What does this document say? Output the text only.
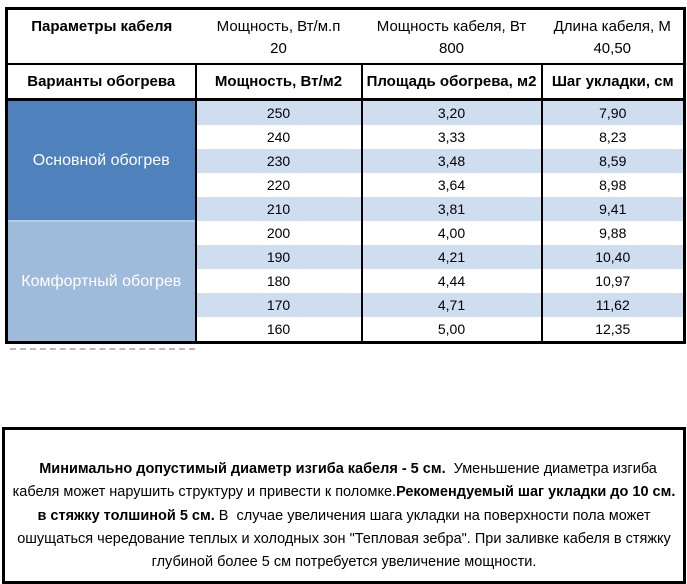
Параметры кабеля	Мощность, Вт/м.п	Мощность кабеля, Вт	Длина кабеля, М
	20	800	40,50
Варианты обогрева	Мощность, Вт/м2	Площадь обогрева, м2	Шаг укладки, см
Основной обогрев	250	3,20	7,90
	240	3,33	8,23
	230	3,48	8,59
	220	3,64	8,98
	210	3,81	9,41
Комфортный обогрев	200	4,00	9,88
	190	4,21	10,40
	180	4,44	10,97
	170	4,71	11,62
	160	5,00	12,35

Минимально допустимый диаметр изгиба кабеля - 5 см.  Уменьшение диаметра изгиба кабеля может нарушить структуру и привести к поломке.Рекомендуемый шаг укладки до 10 см. в стяжку толшиной 5 см. В  случае увеличения шага укладки на поверхности пола может ошущаться чередование теплых и холодных зон "Тепловая зебра". При заливке кабеля в стяжку глубиной более 5 см потребуется увеличение мощности.
